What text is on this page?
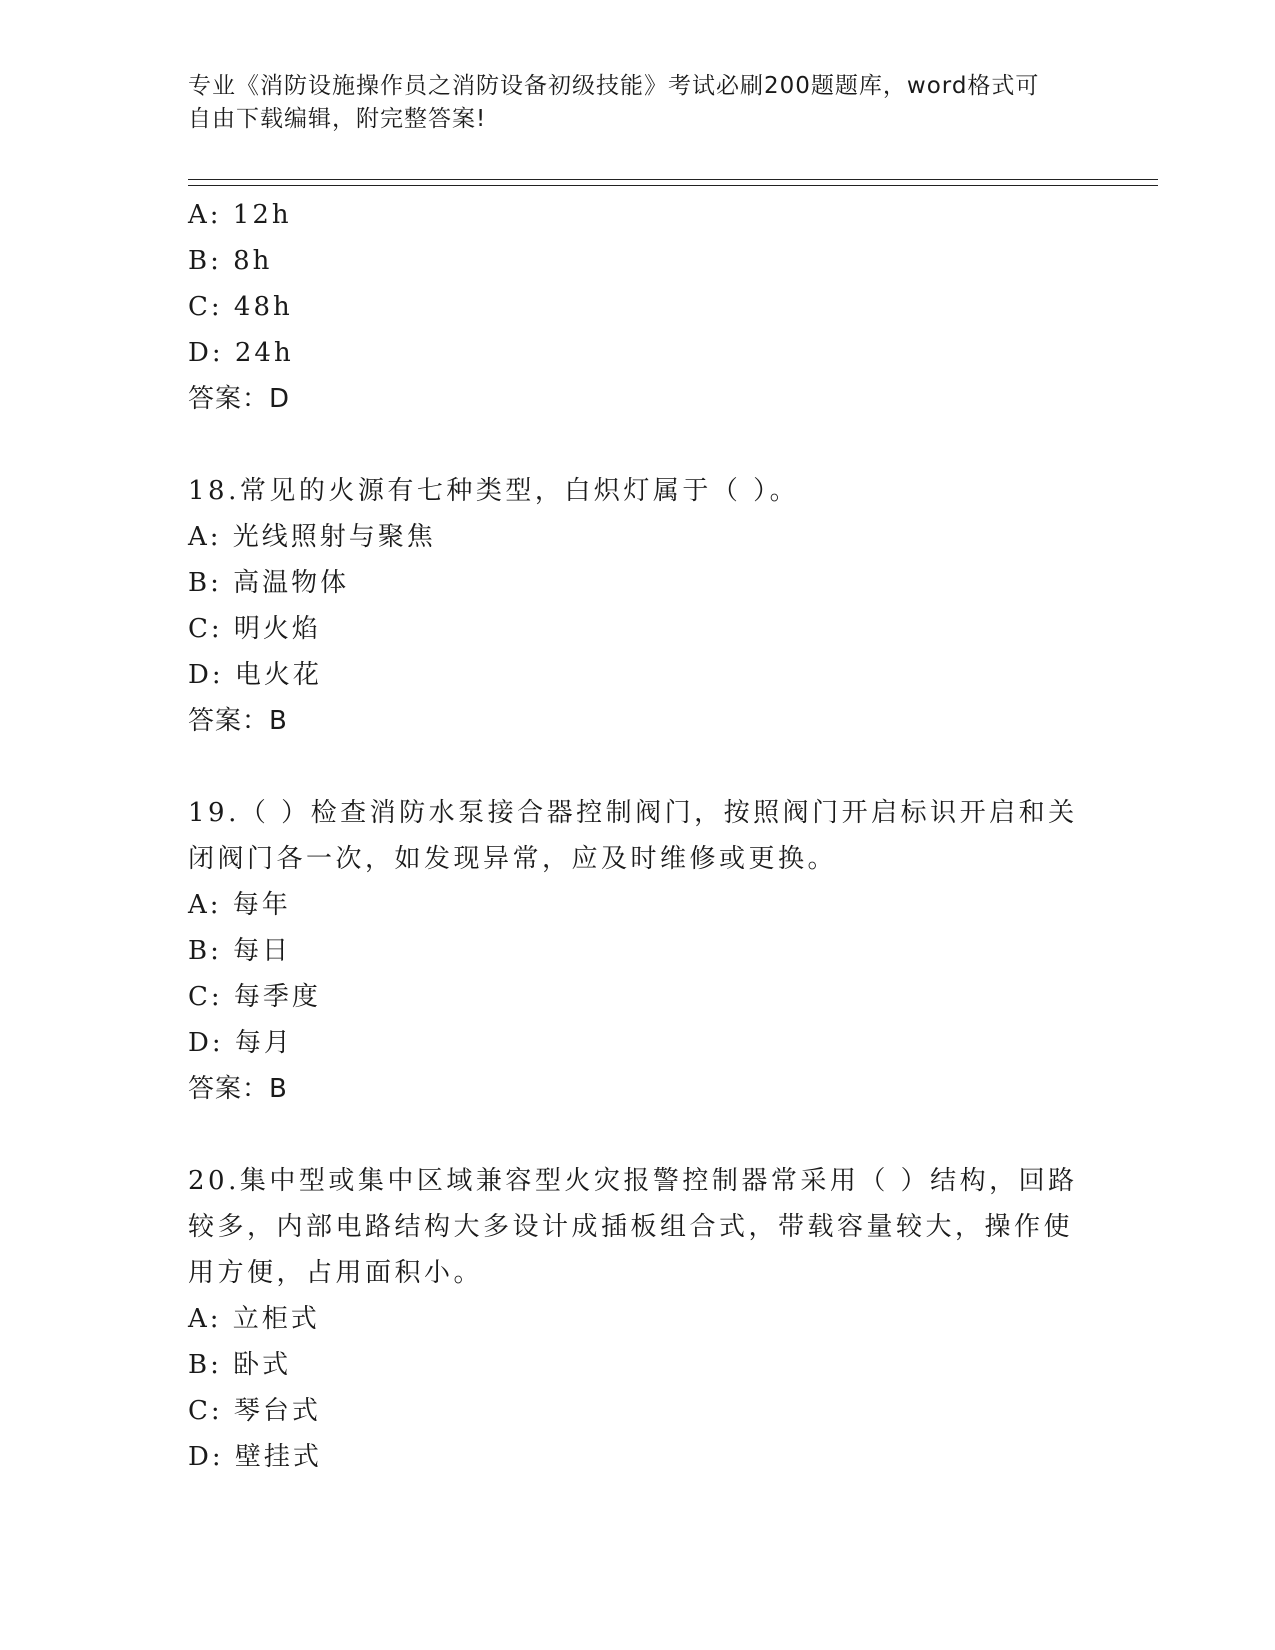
专业《消防设施操作员之消防设备初级技能》考试必刷200题题库，word格式可
自由下载编辑，附完整答案!
A: 12h
B: 8h
C: 48h
D: 24h
答案：D
18.常见的火源有七种类型，白炽灯属于（ ）。
A: 光线照射与聚焦
B: 高温物体
C: 明火焰
D: 电火花
答案：B
19.（ ）检查消防水泵接合器控制阀门，按照阀门开启标识开启和关
闭阀门各一次，如发现异常，应及时维修或更换。
A: 每年
B: 每日
C: 每季度
D: 每月
答案：B
20.集中型或集中区域兼容型火灾报警控制器常采用（ ）结构，回路
较多，内部电路结构大多设计成插板组合式，带载容量较大，操作使
用方便，占用面积小。
A: 立柜式
B: 卧式
C: 琴台式
D: 壁挂式
